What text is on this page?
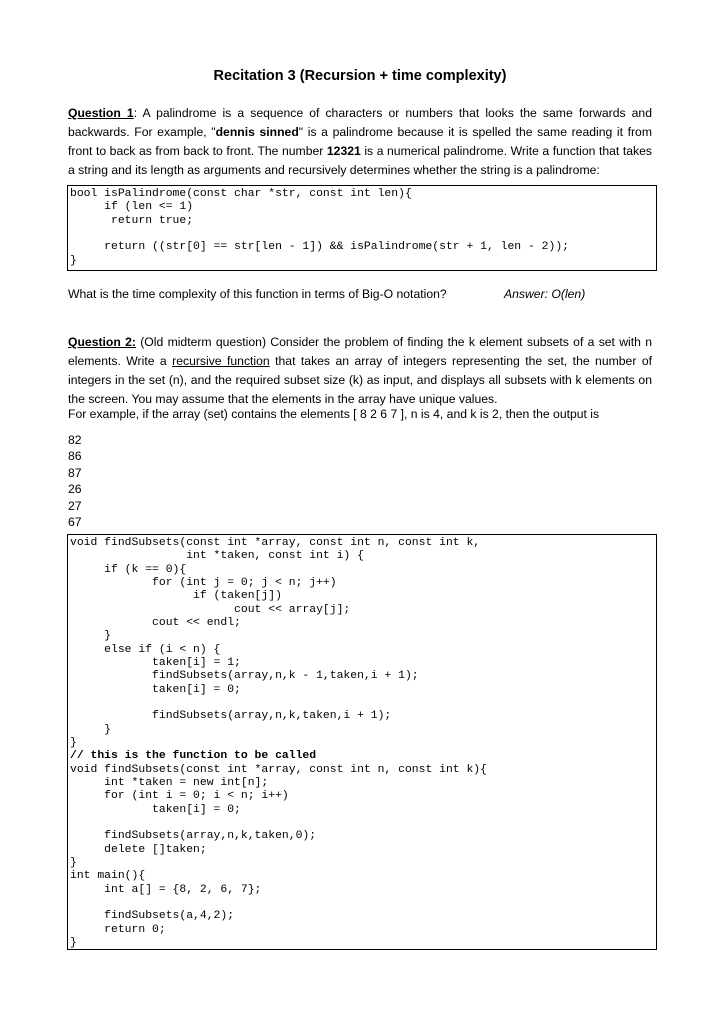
Recitation 3 (Recursion + time complexity)

Question 1: A palindrome is a sequence of characters or numbers that looks the same forwards and backwards. For example, "dennis sinned" is a palindrome because it is spelled the same reading it from front to back as from back to front. The number 12321 is a numerical palindrome. Write a function that takes a string and its length as arguments and recursively determines whether the string is a palindrome:

bool isPalindrome(const char *str, const int len){
if (len <= 1)
return true;
return ((str[0] == str[len - 1]) && isPalindrome(str + 1, len - 2));
}
What is the time complexity of this function in terms of Big-O notation?	Answer: O(len)

Question 2: (Old midterm question) Consider the problem of finding the k element subsets of a set with n elements. Write a recursive function that takes an array of integers representing the set, the number of integers in the set (n), and the required subset size (k) as input, and displays all subsets with k elements on the screen. You may assume that the elements in the array have unique values.

For example, if the array (set) contains the elements [ 8 2 6 7 ], n is 4, and k is 2, then the output is
82
86
87
26
27
67
void findSubsets(const int *array, const int n, const int k,
int *taken, const int i) {
if (k == 0){
for (int j = 0; j < n; j++)
if (taken[j])
cout << array[j];
cout << endl;
}
else if (i < n) {
taken[i] = 1;
findSubsets(array,n,k - 1,taken,i + 1);
taken[i] = 0;
findSubsets(array,n,k,taken,i + 1);
}
}
// this is the function to be called
void findSubsets(const int *array, const int n, const int k){
int *taken = new int[n];
for (int i = 0; i < n; i++)
taken[i] = 0;
findSubsets(array,n,k,taken,0);
delete []taken;
}
int main(){
int a[] = {8, 2, 6, 7};
findSubsets(a,4,2);
return 0;
}
